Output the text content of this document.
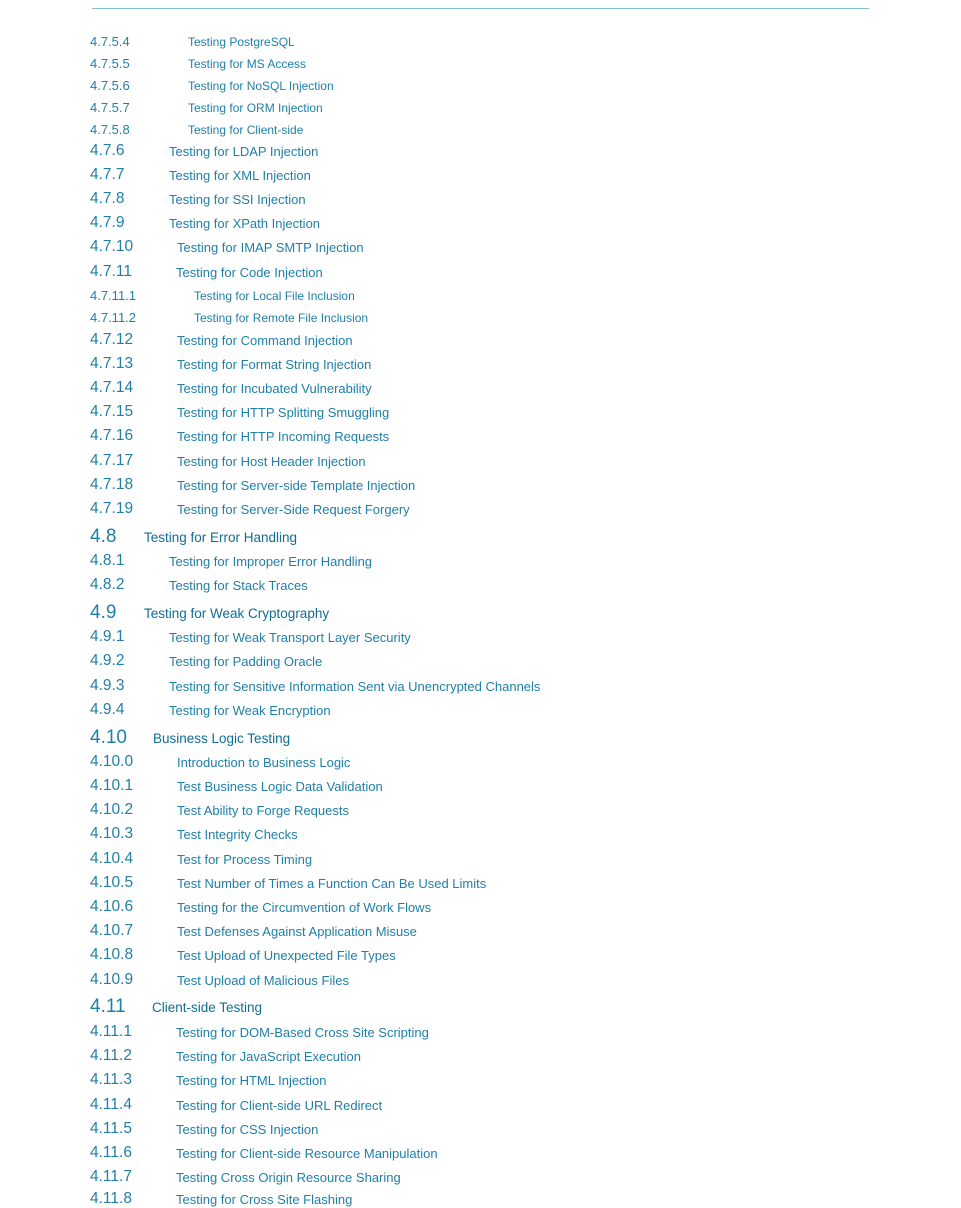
4.7.5.4	Testing PostgreSQL
4.7.5.5	Testing for MS Access
4.7.5.6	Testing for NoSQL Injection
4.7.5.7	Testing for ORM Injection
4.7.5.8	Testing for Client-side
4.7.6	Testing for LDAP Injection
4.7.7	Testing for XML Injection
4.7.8	Testing for SSI Injection
4.7.9	Testing for XPath Injection
4.7.10	Testing for IMAP SMTP Injection
4.7.11	Testing for Code Injection
4.7.11.1	Testing for Local File Inclusion
4.7.11.2	Testing for Remote File Inclusion
4.7.12	Testing for Command Injection
4.7.13	Testing for Format String Injection
4.7.14	Testing for Incubated Vulnerability
4.7.15	Testing for HTTP Splitting Smuggling
4.7.16	Testing for HTTP Incoming Requests
4.7.17	Testing for Host Header Injection
4.7.18	Testing for Server-side Template Injection
4.7.19	Testing for Server-Side Request Forgery
4.8 Testing for Error Handling
4.8.1	Testing for Improper Error Handling
4.8.2	Testing for Stack Traces
4.9 Testing for Weak Cryptography
4.9.1	Testing for Weak Transport Layer Security
4.9.2	Testing for Padding Oracle
4.9.3	Testing for Sensitive Information Sent via Unencrypted Channels
4.9.4	Testing for Weak Encryption
4.10 Business Logic Testing
4.10.0	Introduction to Business Logic
4.10.1	Test Business Logic Data Validation
4.10.2	Test Ability to Forge Requests
4.10.3	Test Integrity Checks
4.10.4	Test for Process Timing
4.10.5	Test Number of Times a Function Can Be Used Limits
4.10.6	Testing for the Circumvention of Work Flows
4.10.7	Test Defenses Against Application Misuse
4.10.8	Test Upload of Unexpected File Types
4.10.9	Test Upload of Malicious Files
4.11 Client-side Testing
4.11.1	Testing for DOM-Based Cross Site Scripting
4.11.2	Testing for JavaScript Execution
4.11.3	Testing for HTML Injection
4.11.4	Testing for Client-side URL Redirect
4.11.5	Testing for CSS Injection
4.11.6	Testing for Client-side Resource Manipulation
4.11.7	Testing Cross Origin Resource Sharing
4.11.8	Testing for Cross Site Flashing
